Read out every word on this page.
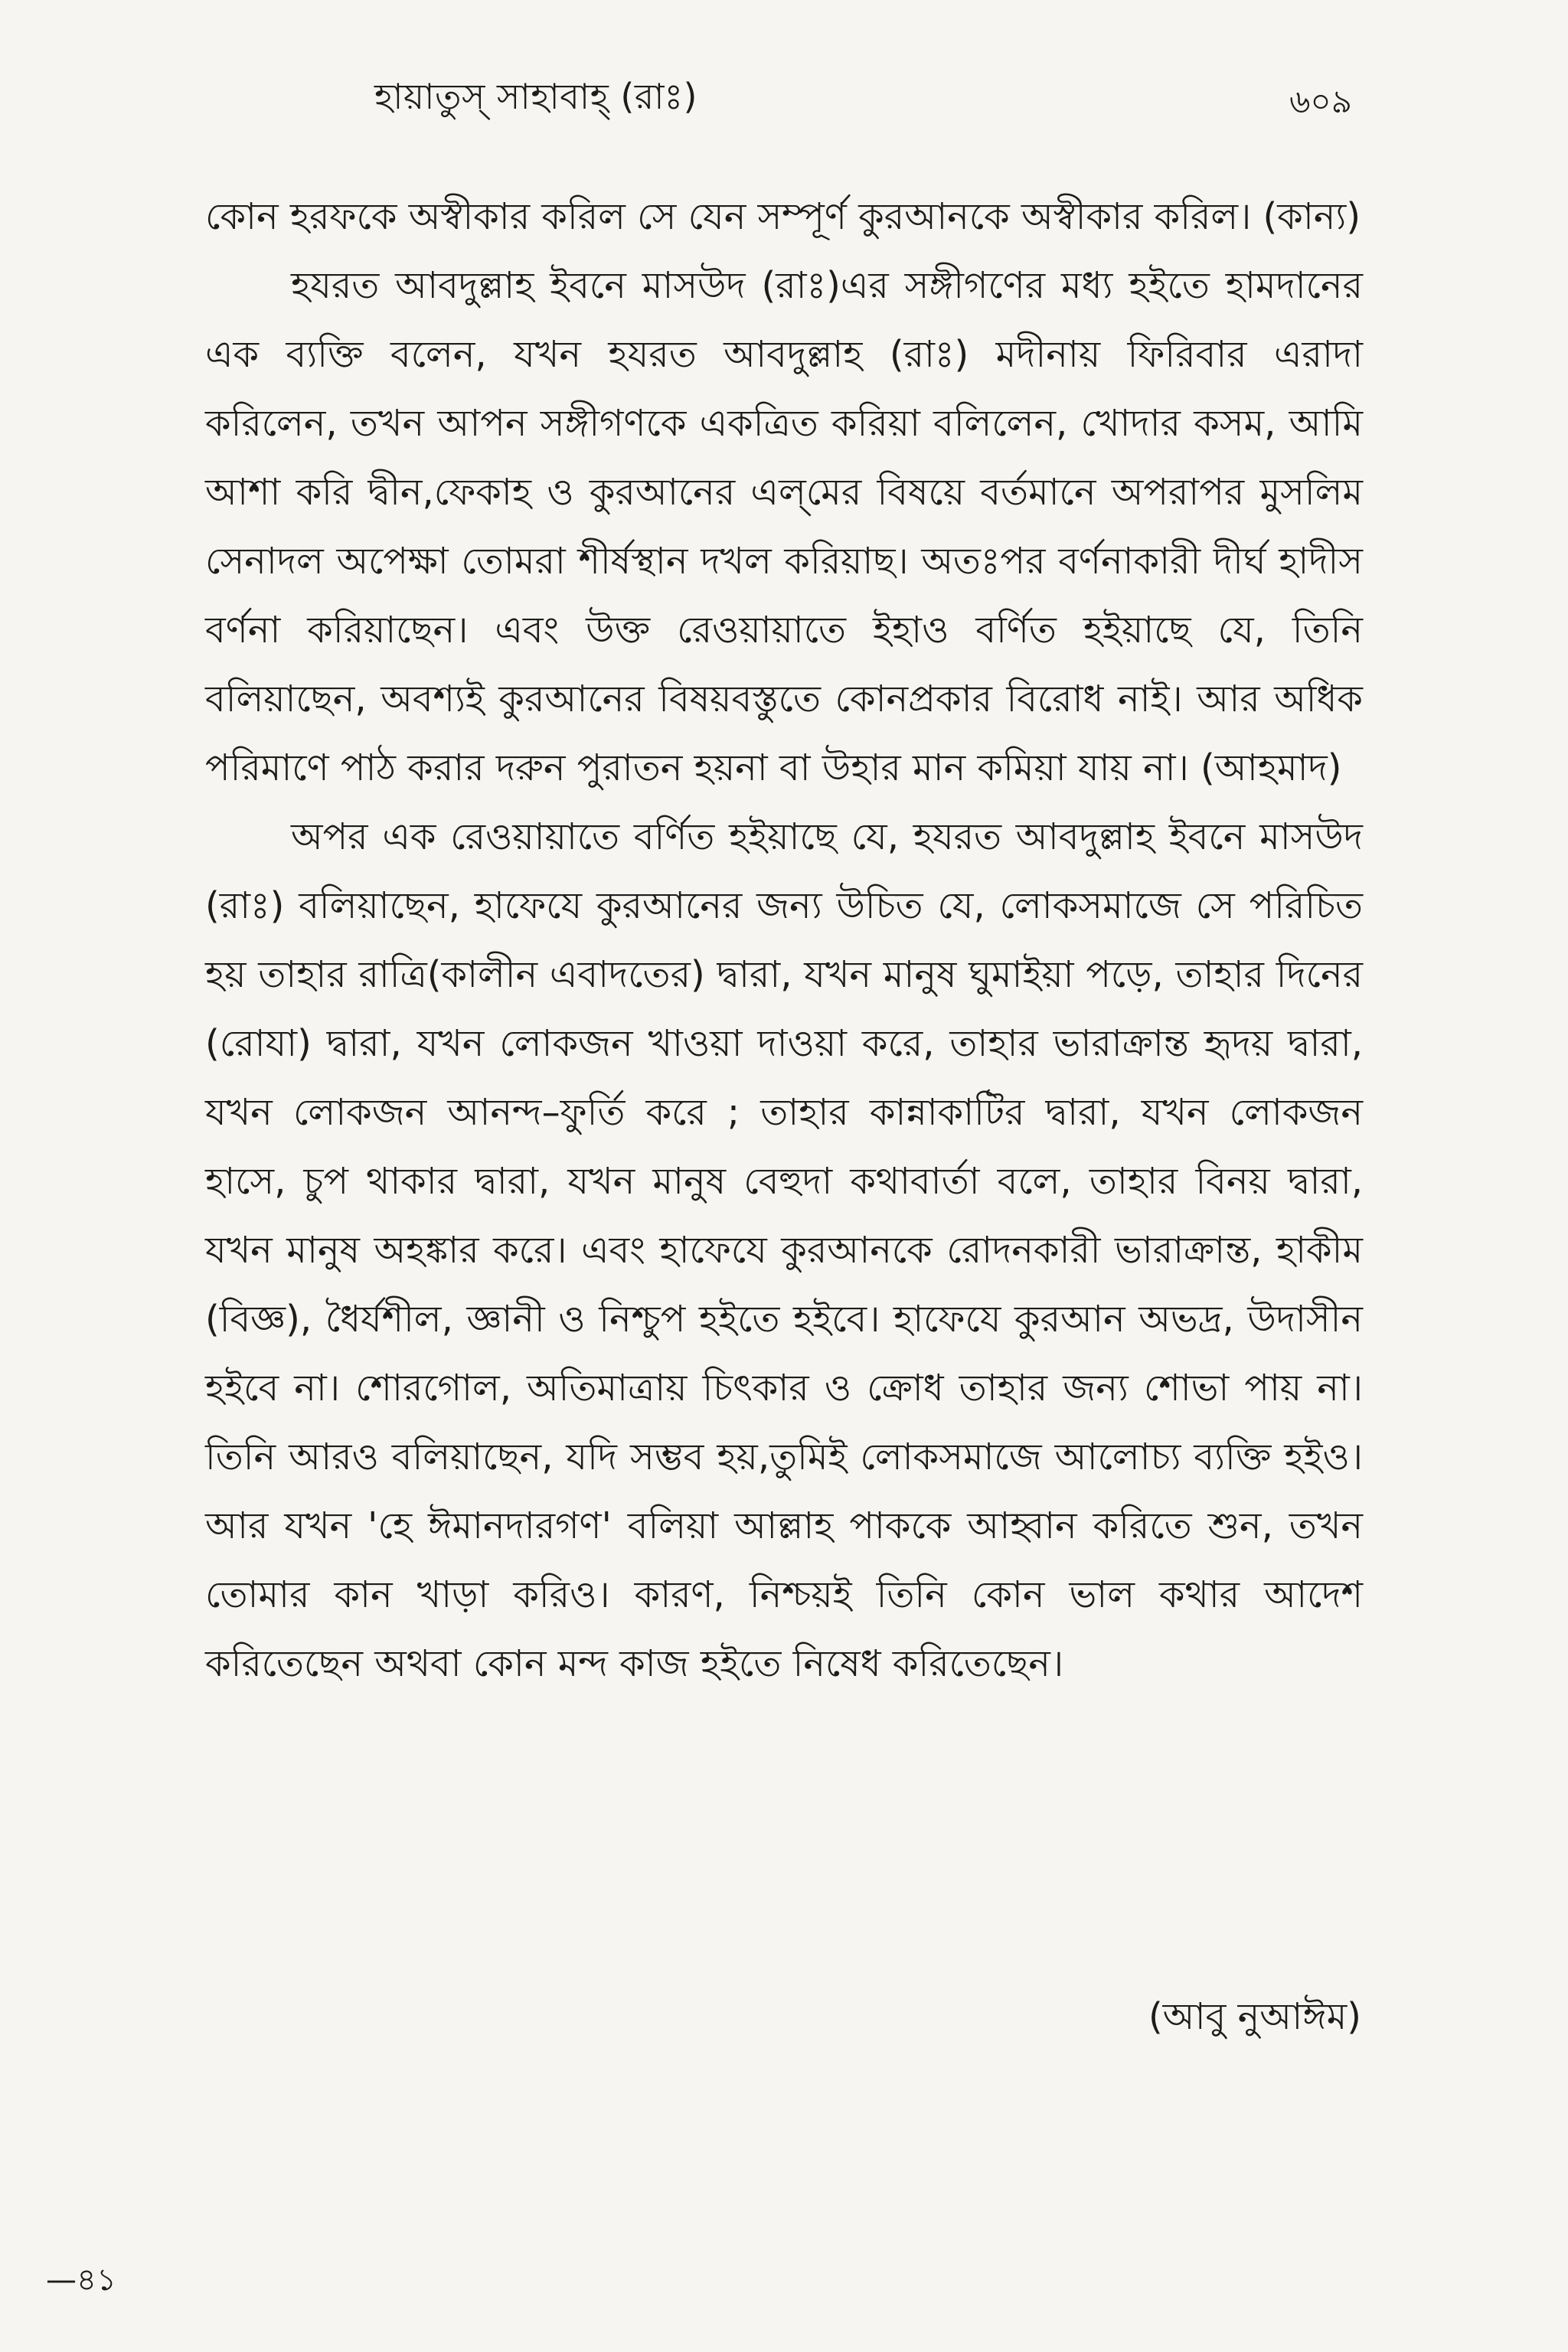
হায়াতুস্ সাহাবাহ্ (রাঃ)	৬০৯

কোন হরফকে অস্বীকার করিল সে যেন সম্পূর্ণ কুরআনকে অস্বীকার করিল। (কান্য)

হযরত আবদুল্লাহ ইবনে মাসউদ (রাঃ)এর সঙ্গীগণের মধ্য হইতে হামদানের এক ব্যক্তি বলেন, যখন হযরত আবদুল্লাহ (রাঃ) মদীনায় ফিরিবার এরাদা করিলেন, তখন আপন সঙ্গীগণকে একত্রিত করিয়া বলিলেন, খোদার কসম, আমি আশা করি দ্বীন,ফেকাহ ও কুরআনের এল্‌মের বিষয়ে বর্তমানে অপরাপর মুসলিম সেনাদল অপেক্ষা তোমরা শীর্ষস্থান দখল করিয়াছ। অতঃপর বর্ণনাকারী দীর্ঘ হাদীস বর্ণনা করিয়াছেন। এবং উক্ত রেওয়ায়াতে ইহাও বর্ণিত হইয়াছে যে, তিনি বলিয়াছেন, অবশ্যই কুরআনের বিষয়বস্তুতে কোনপ্রকার বিরোধ নাই। আর অধিক পরিমাণে পাঠ করার দরুন পুরাতন হয়না বা উহার মান কমিয়া যায় না। (আহমাদ)

অপর এক রেওয়ায়াতে বর্ণিত হইয়াছে যে, হযরত আবদুল্লাহ ইবনে মাসউদ (রাঃ) বলিয়াছেন, হাফেযে কুরআনের জন্য উচিত যে, লোকসমাজে সে পরিচিত হয় তাহার রাত্রি(কালীন এবাদতের) দ্বারা, যখন মানুষ ঘুমাইয়া পড়ে, তাহার দিনের (রোযা) দ্বারা, যখন লোকজন খাওয়া দাওয়া করে, তাহার ভারাক্রান্ত হৃদয় দ্বারা, যখন লোকজন আনন্দ–ফুর্তি করে ; তাহার কান্নাকাটির দ্বারা, যখন লোকজন হাসে, চুপ থাকার দ্বারা, যখন মানুষ বেহুদা কথাবার্তা বলে, তাহার বিনয় দ্বারা, যখন মানুষ অহঙ্কার করে। এবং হাফেযে কুরআনকে রোদনকারী ভারাক্রান্ত, হাকীম (বিজ্ঞ), ধৈর্যশীল, জ্ঞানী ও নিশ্চুপ হইতে হইবে। হাফেযে কুরআন অভদ্র, উদাসীন হইবে না। শোরগোল, অতিমাত্রায় চিৎকার ও ক্রোধ তাহার জন্য শোভা পায় না। তিনি আরও বলিয়াছেন, যদি সম্ভব হয়,তুমিই লোকসমাজে আলোচ্য ব্যক্তি হইও। আর যখন 'হে ঈমানদারগণ' বলিয়া আল্লাহ পাককে আহ্বান করিতে শুন, তখন তোমার কান খাড়া করিও। কারণ, নিশ্চয়ই তিনি কোন ভাল কথার আদেশ করিতেছেন অথবা কোন মন্দ কাজ হইতে নিষেধ করিতেছেন।

(আবু নুআঈম)
—৪১
